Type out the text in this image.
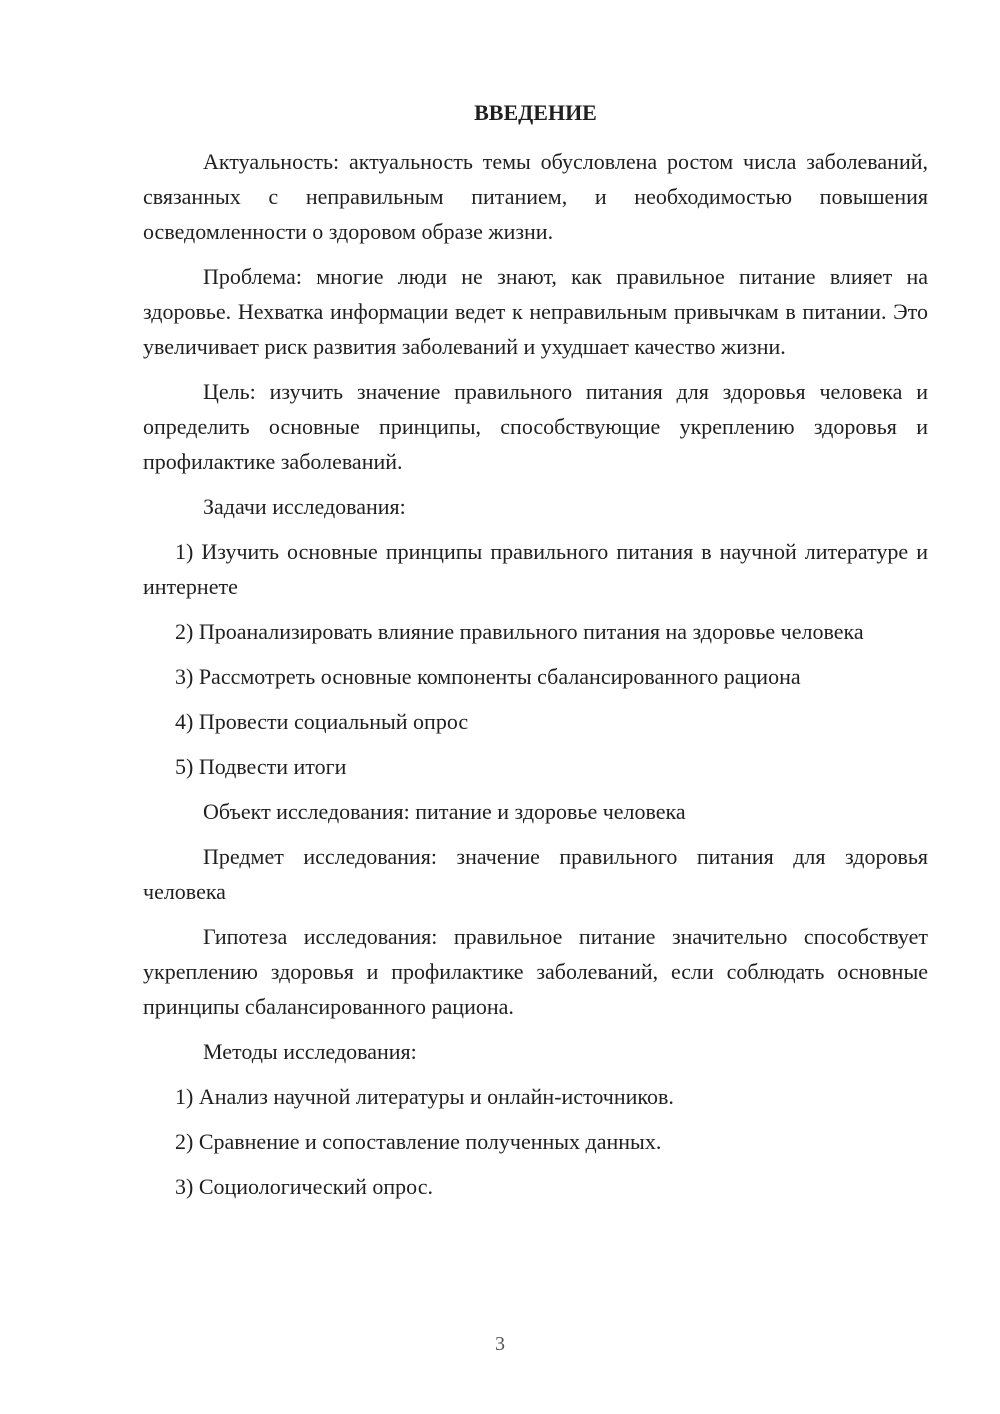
ВВЕДЕНИЕ

Актуальность: актуальность темы обусловлена ростом числа заболеваний, связанных с неправильным питанием, и необходимостью повышения осведомленности о здоровом образе жизни.

Проблема: многие люди не знают, как правильное питание влияет на здоровье. Нехватка информации ведет к неправильным привычкам в питании. Это увеличивает риск развития заболеваний и ухудшает качество жизни.

Цель: изучить значение правильного питания для здоровья человека и определить основные принципы, способствующие укреплению здоровья и профилактике заболеваний.

Задачи исследования:

1) Изучить основные принципы правильного питания в научной литературе и интернете

2) Проанализировать влияние правильного питания на здоровье человека

3) Рассмотреть основные компоненты сбалансированного рациона

4) Провести социальный опрос

5) Подвести итоги

Объект исследования: питание и здоровье человека

Предмет исследования: значение правильного питания для здоровья человека

Гипотеза исследования: правильное питание значительно способствует укреплению здоровья и профилактике заболеваний, если соблюдать основные принципы сбалансированного рациона.

Методы исследования:

1) Анализ научной литературы и онлайн-источников.

2) Сравнение и сопоставление полученных данных.

3) Социологический опрос.

3
